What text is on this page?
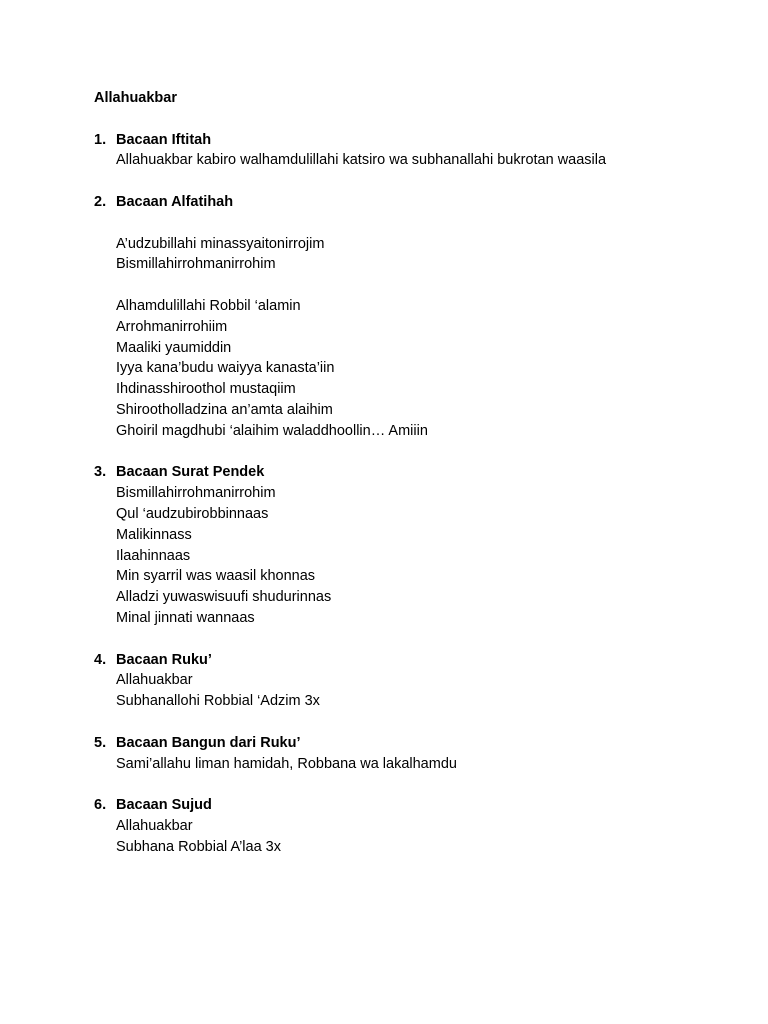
Allahuakbar
1. Bacaan Iftitah
Allahuakbar kabiro walhamdulillahi katsiro wa subhanallahi bukrotan waasila
2. Bacaan Alfatihah
A’udzubillahi minassyaitonirrojim
Bismillahirrohmanirrohim
Alhamdulillahi Robbil ‘alamin
Arrohmanirrohiim
Maaliki yaumiddin
Iyya kana’budu waiyya kanasta’iin
Ihdinasshiroothol mustaqiim
Shirootholladzina an’amta alaihim
Ghoiril magdhubi ‘alaihim waladdhoollin… Amiiin
3. Bacaan Surat Pendek
Bismillahirrohmanirrohim
Qul ‘audzubirobbinnaas
Malikinnass
Ilaahinnaas
Min syarril was waasil khonnas
Alladzi yuwaswisuufi shudurinnas
Minal jinnati wannaas
4. Bacaan Ruku’
Allahuakbar
Subhanallohi Robbial ‘Adzim 3x
5. Bacaan Bangun dari Ruku’
Sami’allahu liman hamidah, Robbana wa lakalhamdu
6. Bacaan Sujud
Allahuakbar
Subhana Robbial A’laa 3x
